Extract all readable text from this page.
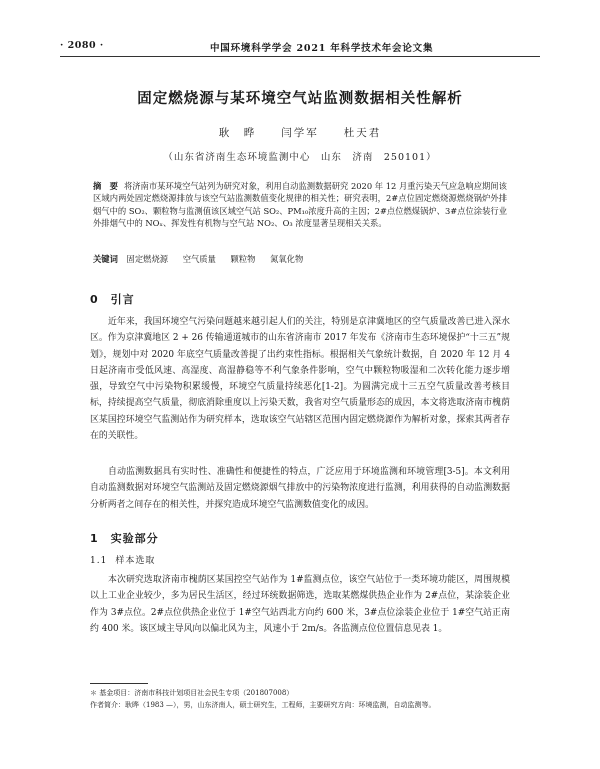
· 2080 ·	中国环境科学学会 2021 年科学技术年会论文集
固定燃烧源与某环境空气站监测数据相关性解析
耿　晔　　闫学军　　杜天君
（山东省济南生态环境监测中心　山东　济南　250101）
摘　要 将济南市某环境空气站列为研究对象，利用自动监测数据研究 2020 年 12 月重污染天气应急响应期间该区域内两处固定燃烧源排放与该空气站监测数值变化规律的相关性；研究表明，2#点位固定燃烧源燃烧锅炉外排烟气中的 SO₂、颗粒物与监测值该区域空气站 SO₂、PM₁₀浓度升高的主因；2#点位燃煤锅炉、3#点位涂装行业外排烟气中的 NOₓ、挥发性有机物与空气站 NO₂、O₃ 浓度显著呈现相关关系。
关键词 固定燃烧源 空气质量 颗粒物 氮氧化物
0 引言

近年来，我国环境空气污染问题越来越引起人们的关注，特别是京津冀地区的空气质量改善已进入深水区。作为京津冀地区 2 + 26 传输通道城市的山东省济南市 2017 年发布《济南市生态环境保护“十三五”规划》，规划中对 2020 年底空气质量改善提了出约束性指标。根据相关气象统计数据，自 2020 年 12 月 4 日起济南市受低风速、高湿度、高湿静稳等不利气象条件影响，空气中颗粒物吸湿和二次转化能力逐步增强，导致空气中污染物积累缓慢，环境空气质量持续恶化[1-2]。为圆满完成十三五空气质量改善考核目标，持续提高空气质量，彻底消除重度以上污染天数，我省对空气质量形态的成因，本文将选取济南市槐荫区某国控环境空气监测站作为研究样本，选取该空气站辖区范围内固定燃烧源作为解析对象，探索其两者存在的关联性。

自动监测数据具有实时性、准确性和便捷性的特点，广泛应用于环境监测和环境管理[3-5]。本文利用自动监测数据对环境空气监测站及固定燃烧源烟气排放中的污染物浓度进行监测，利用获得的自动监测数据分析两者之间存在的相关性，并探究造成环境空气监测数值变化的成因。

1 实验部分
1.1 样本选取

本次研究选取济南市槐荫区某国控空气站作为 1#监测点位，该空气站位于一类环境功能区，周围规模以上工业企业较少，多为居民生活区，经过环统数据筛选，选取某燃煤供热企业作为 2#点位，某涂装企业作为 3#点位。2#点位供热企业位于 1#空气站西北方向约 600 米，3#点位涂装企业位于 1#空气站正南约 400 米。该区域主导风向以偏北风为主，风速小于 2m/s。各监测点位位置信息见表 1。

＊ 基金项目：济南市科技计划项目社会民生专项（201807008）
作者简介：耿晔（1983 —），男，山东济南人，硕士研究生，工程师，主要研究方向：环境监测，自动监测等。
